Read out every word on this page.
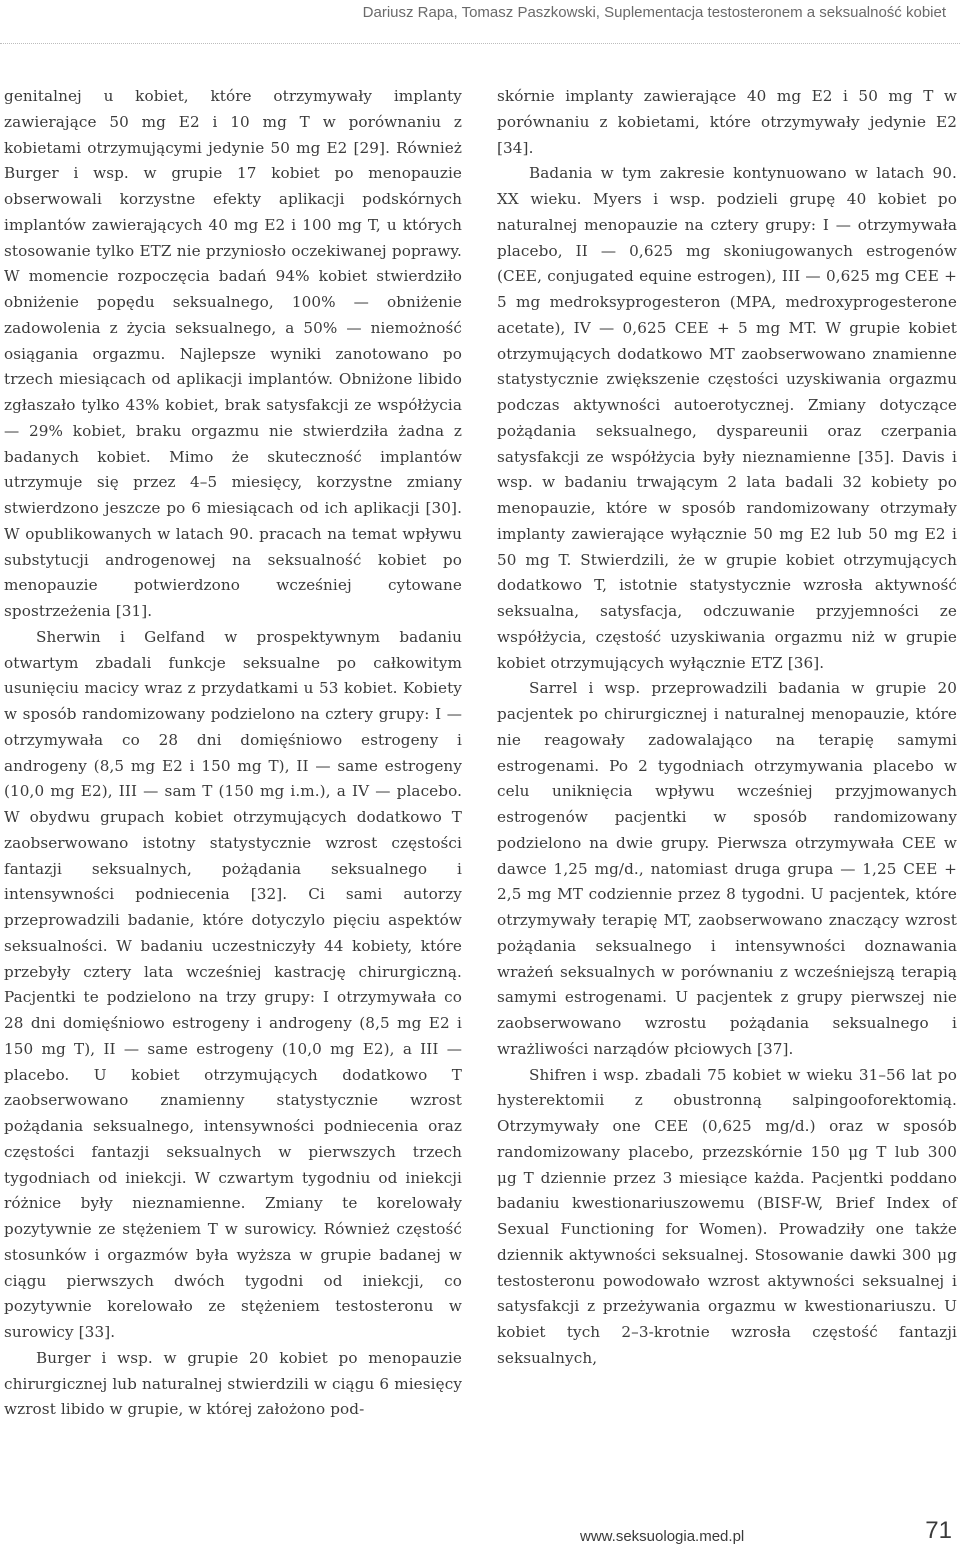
Dariusz Rapa, Tomasz Paszkowski, Suplementacja testosteronem a seksualność kobiet

genitalnej u kobiet, które otrzymywały implanty zawierające 50 mg E2 i 10 mg T w porównaniu z kobietami otrzymującymi jedynie 50 mg E2 [29]. Również Burger i wsp. w grupie 17 kobiet po menopauzie obserwowali korzystne efekty aplikacji podskórnych implantów zawierających 40 mg E2 i 100 mg T, u których stosowanie tylko ETZ nie przyniosło oczekiwanej poprawy. W momencie rozpoczęcia badań 94% kobiet stwierdziło obniżenie popędu seksualnego, 100% — obniżenie zadowolenia z życia seksualnego, a 50% — niemożność osiągania orgazmu. Najlepsze wyniki zanotowano po trzech miesiącach od aplikacji implantów. Obniżone libido zgłaszało tylko 43% kobiet, brak satysfakcji ze współżycia — 29% kobiet, braku orgazmu nie stwierdziła żadna z badanych kobiet. Mimo że skuteczność implantów utrzymuje się przez 4–5 miesięcy, korzystne zmiany stwierdzono jeszcze po 6 miesiącach od ich aplikacji [30]. W opublikowanych w latach 90. pracach na temat wpływu substytucji androgenowej na seksualność kobiet po menopauzie potwierdzono wcześniej cytowane spostrzeżenia [31].

Sherwin i Gelfand w prospektywnym badaniu otwartym zbadali funkcje seksualne po całkowitym usunięciu macicy wraz z przydatkami u 53 kobiet. Kobiety w sposób randomizowany podzielono na cztery grupy: I — otrzymywała co 28 dni domięśniowo estrogeny i androgeny (8,5 mg E2 i 150 mg T), II — same estrogeny (10,0 mg E2), III — sam T (150 mg i.m.), a IV — placebo. W obydwu grupach kobiet otrzymujących dodatkowo T zaobserwowano istotny statystycznie wzrost częstości fantazji seksualnych, pożądania seksualnego i intensywności podniecenia [32]. Ci sami autorzy przeprowadzili badanie, które dotyczylo pięciu aspektów seksualności. W badaniu uczestniczyły 44 kobiety, które przebyły cztery lata wcześniej kastrację chirurgiczną. Pacjentki te podzielono na trzy grupy: I otrzymywała co 28 dni domięśniowo estrogeny i androgeny (8,5 mg E2 i 150 mg T), II — same estrogeny (10,0 mg E2), a III — placebo. U kobiet otrzymujących dodatkowo T zaobserwowano znamienny statystycznie wzrost pożądania seksualnego, intensywności podniecenia oraz częstości fantazji seksualnych w pierwszych trzech tygodniach od iniekcji. W czwartym tygodniu od iniekcji różnice były nieznamienne. Zmiany te korelowały pozytywnie ze stężeniem T w surowicy. Również częstość stosunków i orgazmów była wyższa w grupie badanej w ciągu pierwszych dwóch tygodni od iniekcji, co pozytywnie korelowało ze stężeniem testosteronu w surowicy [33].

Burger i wsp. w grupie 20 kobiet po menopauzie chirurgicznej lub naturalnej stwierdzili w ciągu 6 miesięcy wzrost libido w grupie, w której założono pod-

skórnie implanty zawierające 40 mg E2 i 50 mg T w porównaniu z kobietami, które otrzymywały jedynie E2 [34].

Badania w tym zakresie kontynuowano w latach 90. XX wieku. Myers i wsp. podzieli grupę 40 kobiet po naturalnej menopauzie na cztery grupy: I — otrzymywała placebo, II — 0,625 mg skoniugowanych estrogenów (CEE, conjugated equine estrogen), III — 0,625 mg CEE + 5 mg medroksyprogesteron (MPA, medroxyprogesterone acetate), IV — 0,625 CEE + 5 mg MT. W grupie kobiet otrzymujących dodatkowo MT zaobserwowano znamienne statystycznie zwiększenie częstości uzyskiwania orgazmu podczas aktywności autoerotycznej. Zmiany dotyczące pożądania seksualnego, dyspareunii oraz czerpania satysfakcji ze współżycia były nieznamienne [35]. Davis i wsp. w badaniu trwającym 2 lata badali 32 kobiety po menopauzie, które w sposób randomizowany otrzymały implanty zawierające wyłącznie 50 mg E2 lub 50 mg E2 i 50 mg T. Stwierdzili, że w grupie kobiet otrzymujących dodatkowo T, istotnie statystycznie wzrosła aktywność seksualna, satysfacja, odczuwanie przyjemności ze współżycia, częstość uzyskiwania orgazmu niż w grupie kobiet otrzymujących wyłącznie ETZ [36].

Sarrel i wsp. przeprowadzili badania w grupie 20 pacjentek po chirurgicznej i naturalnej menopauzie, które nie reagowały zadowalająco na terapię samymi estrogenami. Po 2 tygodniach otrzymywania placebo w celu uniknięcia wpływu wcześniej przyjmowanych estrogenów pacjentki w sposób randomizowany podzielono na dwie grupy. Pierwsza otrzymywała CEE w dawce 1,25 mg/d., natomiast druga grupa — 1,25 CEE + 2,5 mg MT codziennie przez 8 tygodni. U pacjentek, które otrzymywały terapię MT, zaobserwowano znaczący wzrost pożądania seksualnego i intensywności doznawania wrażeń seksualnych w porównaniu z wcześniejszą terapią samymi estrogenami. U pacjentek z grupy pierwszej nie zaobserwowano wzrostu pożądania seksualnego i wrażliwości narządów płciowych [37].

Shifren i wsp. zbadali 75 kobiet w wieku 31–56 lat po hysterektomii z obustronną salpingooforektomią. Otrzymywały one CEE (0,625 mg/d.) oraz w sposób randomizowany placebo, przezskórnie 150 μg T lub 300 μg T dziennie przez 3 miesiące każda. Pacjentki poddano badaniu kwestionariuszowemu (BISF-W, Brief Index of Sexual Functioning for Women). Prowadziły one także dziennik aktywności seksualnej. Stosowanie dawki 300 μg testosteronu powodowało wzrost aktywności seksualnej i satysfakcji z przeżywania orgazmu w kwestionariuszu. U kobiet tych 2–3-krotnie wzrosła częstość fantazji seksualnych,

www.seksuologia.med.pl	71
